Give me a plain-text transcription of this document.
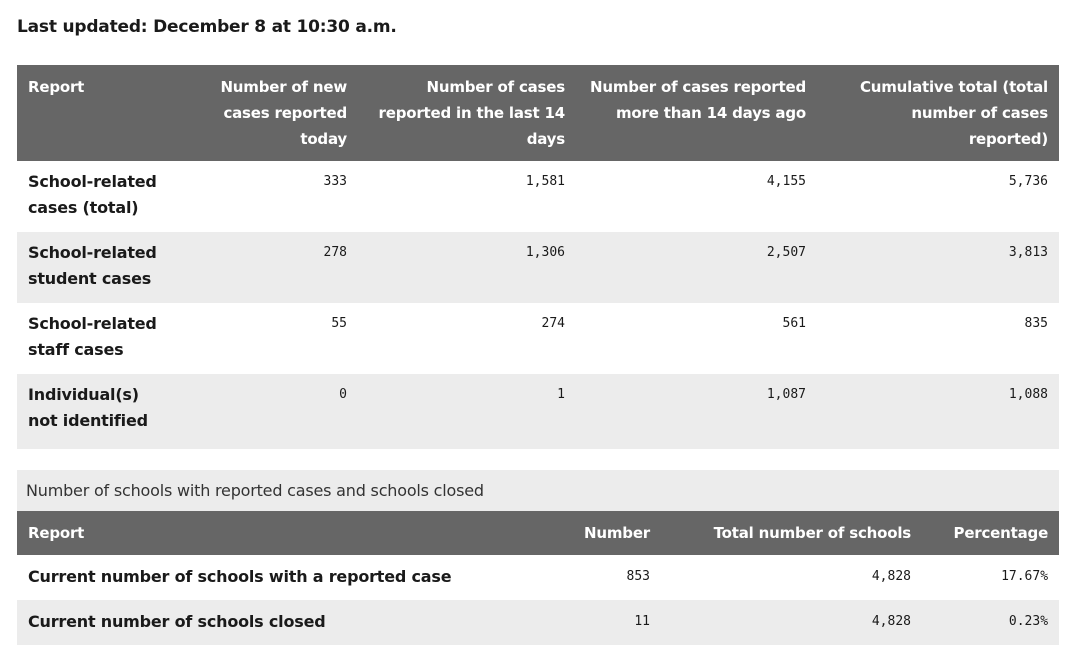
Last updated: December 8 at 10:30 a.m.
Report	Number of new cases reported today	Number of cases reported in the last 14 days	Number of cases reported more than 14 days ago	Cumulative total (total number of cases reported)
School-related cases (total)	333	1,581	4,155	5,736
School-related student cases	278	1,306	2,507	3,813
School-related staff cases	55	274	561	835
Individual(s) not identified	0	1	1,087	1,088
Number of schools with reported cases and schools closed			
Report	Number	Total number of schools	Percentage
Current number of schools with a reported case	853	4,828	17.67%
Current number of schools closed	11	4,828	0.23%
